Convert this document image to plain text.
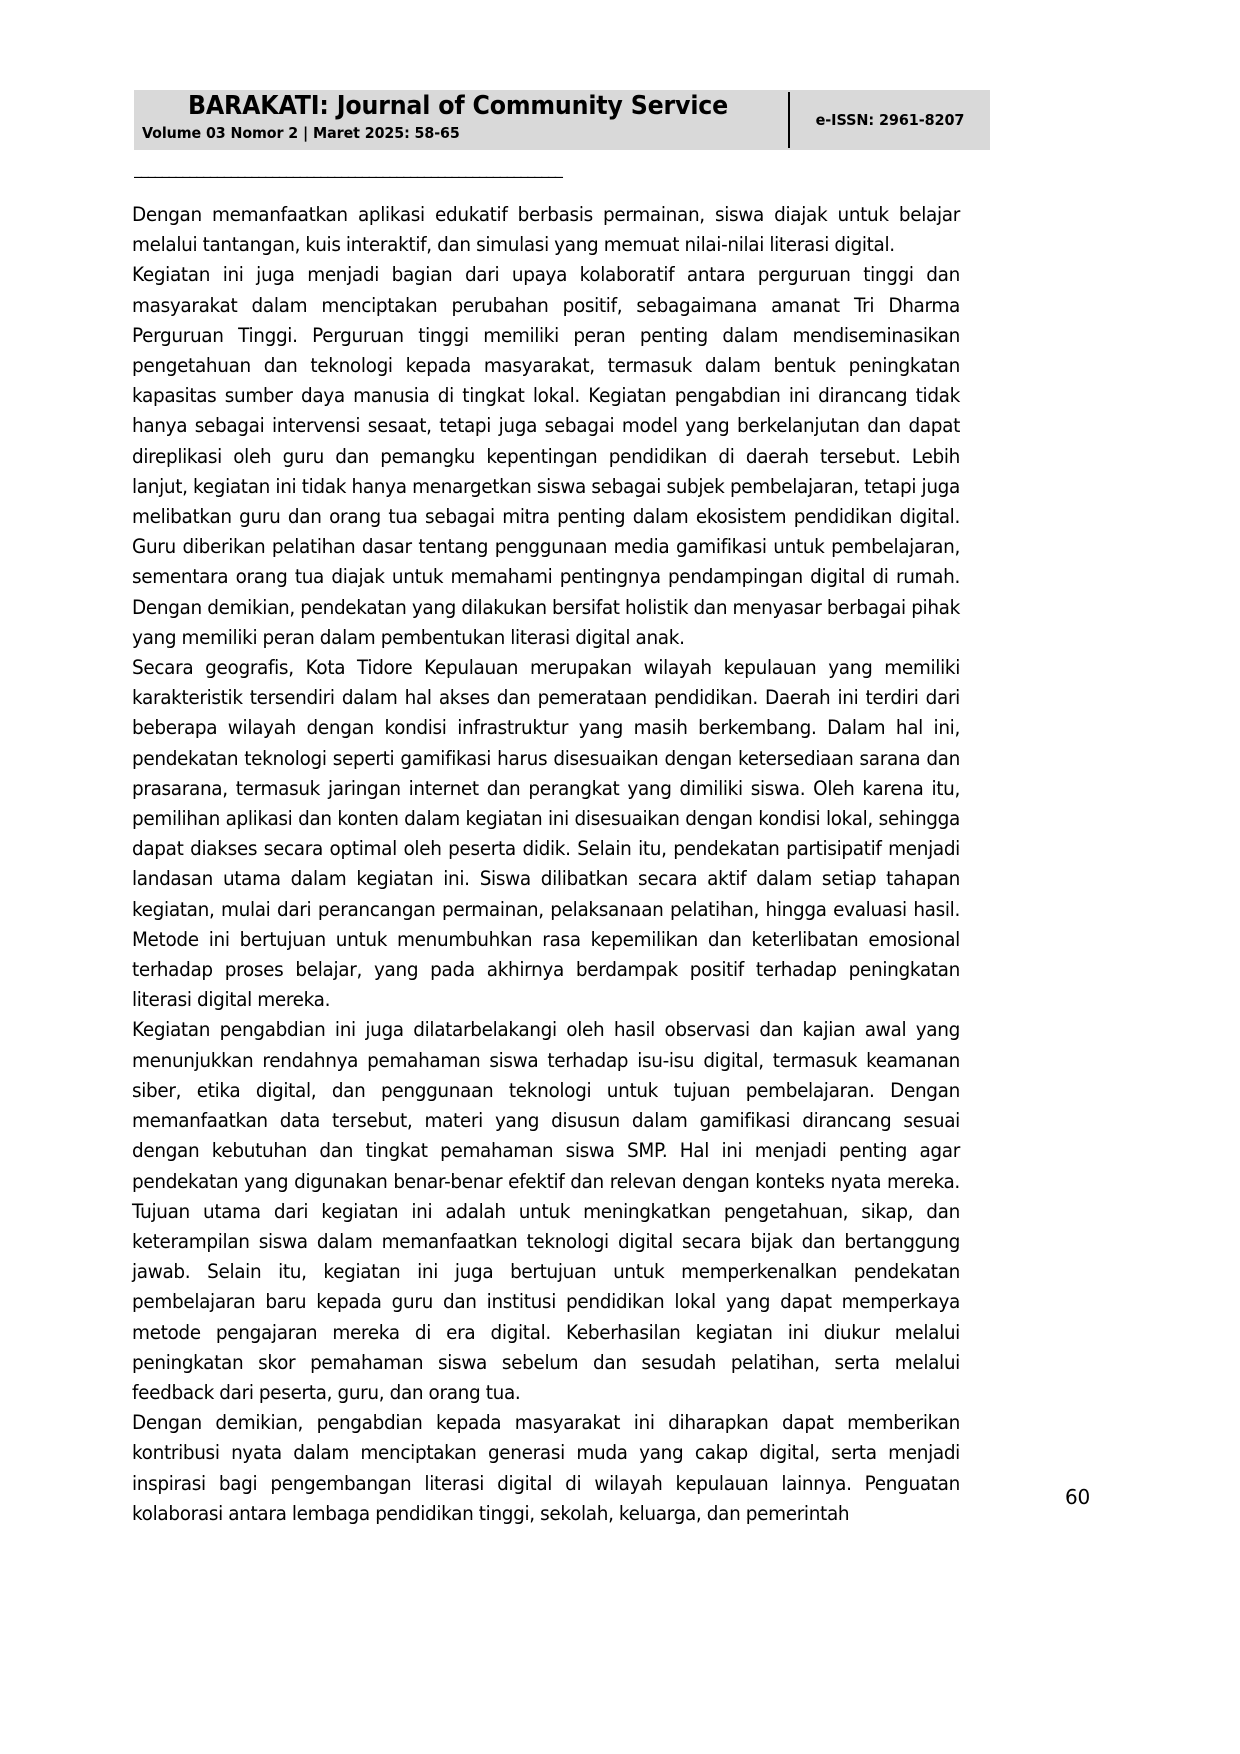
BARAKATI: Journal of Community Service
Volume 03 Nomor 2 | Maret 2025: 58-65
e-ISSN: 2961-8207
______________________________________________________________

Dengan memanfaatkan aplikasi edukatif berbasis permainan, siswa diajak untuk belajar melalui tantangan, kuis interaktif, dan simulasi yang memuat nilai-nilai literasi digital.

Kegiatan ini juga menjadi bagian dari upaya kolaboratif antara perguruan tinggi dan masyarakat dalam menciptakan perubahan positif, sebagaimana amanat Tri Dharma Perguruan Tinggi. Perguruan tinggi memiliki peran penting dalam mendiseminasikan pengetahuan dan teknologi kepada masyarakat, termasuk dalam bentuk peningkatan kapasitas sumber daya manusia di tingkat lokal. Kegiatan pengabdian ini dirancang tidak hanya sebagai intervensi sesaat, tetapi juga sebagai model yang berkelanjutan dan dapat direplikasi oleh guru dan pemangku kepentingan pendidikan di daerah tersebut. Lebih lanjut, kegiatan ini tidak hanya menargetkan siswa sebagai subjek pembelajaran, tetapi juga melibatkan guru dan orang tua sebagai mitra penting dalam ekosistem pendidikan digital. Guru diberikan pelatihan dasar tentang penggunaan media gamifikasi untuk pembelajaran, sementara orang tua diajak untuk memahami pentingnya pendampingan digital di rumah. Dengan demikian, pendekatan yang dilakukan bersifat holistik dan menyasar berbagai pihak yang memiliki peran dalam pembentukan literasi digital anak.

Secara geografis, Kota Tidore Kepulauan merupakan wilayah kepulauan yang memiliki karakteristik tersendiri dalam hal akses dan pemerataan pendidikan. Daerah ini terdiri dari beberapa wilayah dengan kondisi infrastruktur yang masih berkembang. Dalam hal ini, pendekatan teknologi seperti gamifikasi harus disesuaikan dengan ketersediaan sarana dan prasarana, termasuk jaringan internet dan perangkat yang dimiliki siswa. Oleh karena itu, pemilihan aplikasi dan konten dalam kegiatan ini disesuaikan dengan kondisi lokal, sehingga dapat diakses secara optimal oleh peserta didik. Selain itu, pendekatan partisipatif menjadi landasan utama dalam kegiatan ini. Siswa dilibatkan secara aktif dalam setiap tahapan kegiatan, mulai dari perancangan permainan, pelaksanaan pelatihan, hingga evaluasi hasil. Metode ini bertujuan untuk menumbuhkan rasa kepemilikan dan keterlibatan emosional terhadap proses belajar, yang pada akhirnya berdampak positif terhadap peningkatan literasi digital mereka.

Kegiatan pengabdian ini juga dilatarbelakangi oleh hasil observasi dan kajian awal yang menunjukkan rendahnya pemahaman siswa terhadap isu-isu digital, termasuk keamanan siber, etika digital, dan penggunaan teknologi untuk tujuan pembelajaran. Dengan memanfaatkan data tersebut, materi yang disusun dalam gamifikasi dirancang sesuai dengan kebutuhan dan tingkat pemahaman siswa SMP. Hal ini menjadi penting agar pendekatan yang digunakan benar-benar efektif dan relevan dengan konteks nyata mereka. Tujuan utama dari kegiatan ini adalah untuk meningkatkan pengetahuan, sikap, dan keterampilan siswa dalam memanfaatkan teknologi digital secara bijak dan bertanggung jawab. Selain itu, kegiatan ini juga bertujuan untuk memperkenalkan pendekatan pembelajaran baru kepada guru dan institusi pendidikan lokal yang dapat memperkaya metode pengajaran mereka di era digital. Keberhasilan kegiatan ini diukur melalui peningkatan skor pemahaman siswa sebelum dan sesudah pelatihan, serta melalui feedback dari peserta, guru, dan orang tua.

Dengan demikian, pengabdian kepada masyarakat ini diharapkan dapat memberikan kontribusi nyata dalam menciptakan generasi muda yang cakap digital, serta menjadi inspirasi bagi pengembangan literasi digital di wilayah kepulauan lainnya. Penguatan kolaborasi antara lembaga pendidikan tinggi, sekolah, keluarga, dan pemerintah

60
